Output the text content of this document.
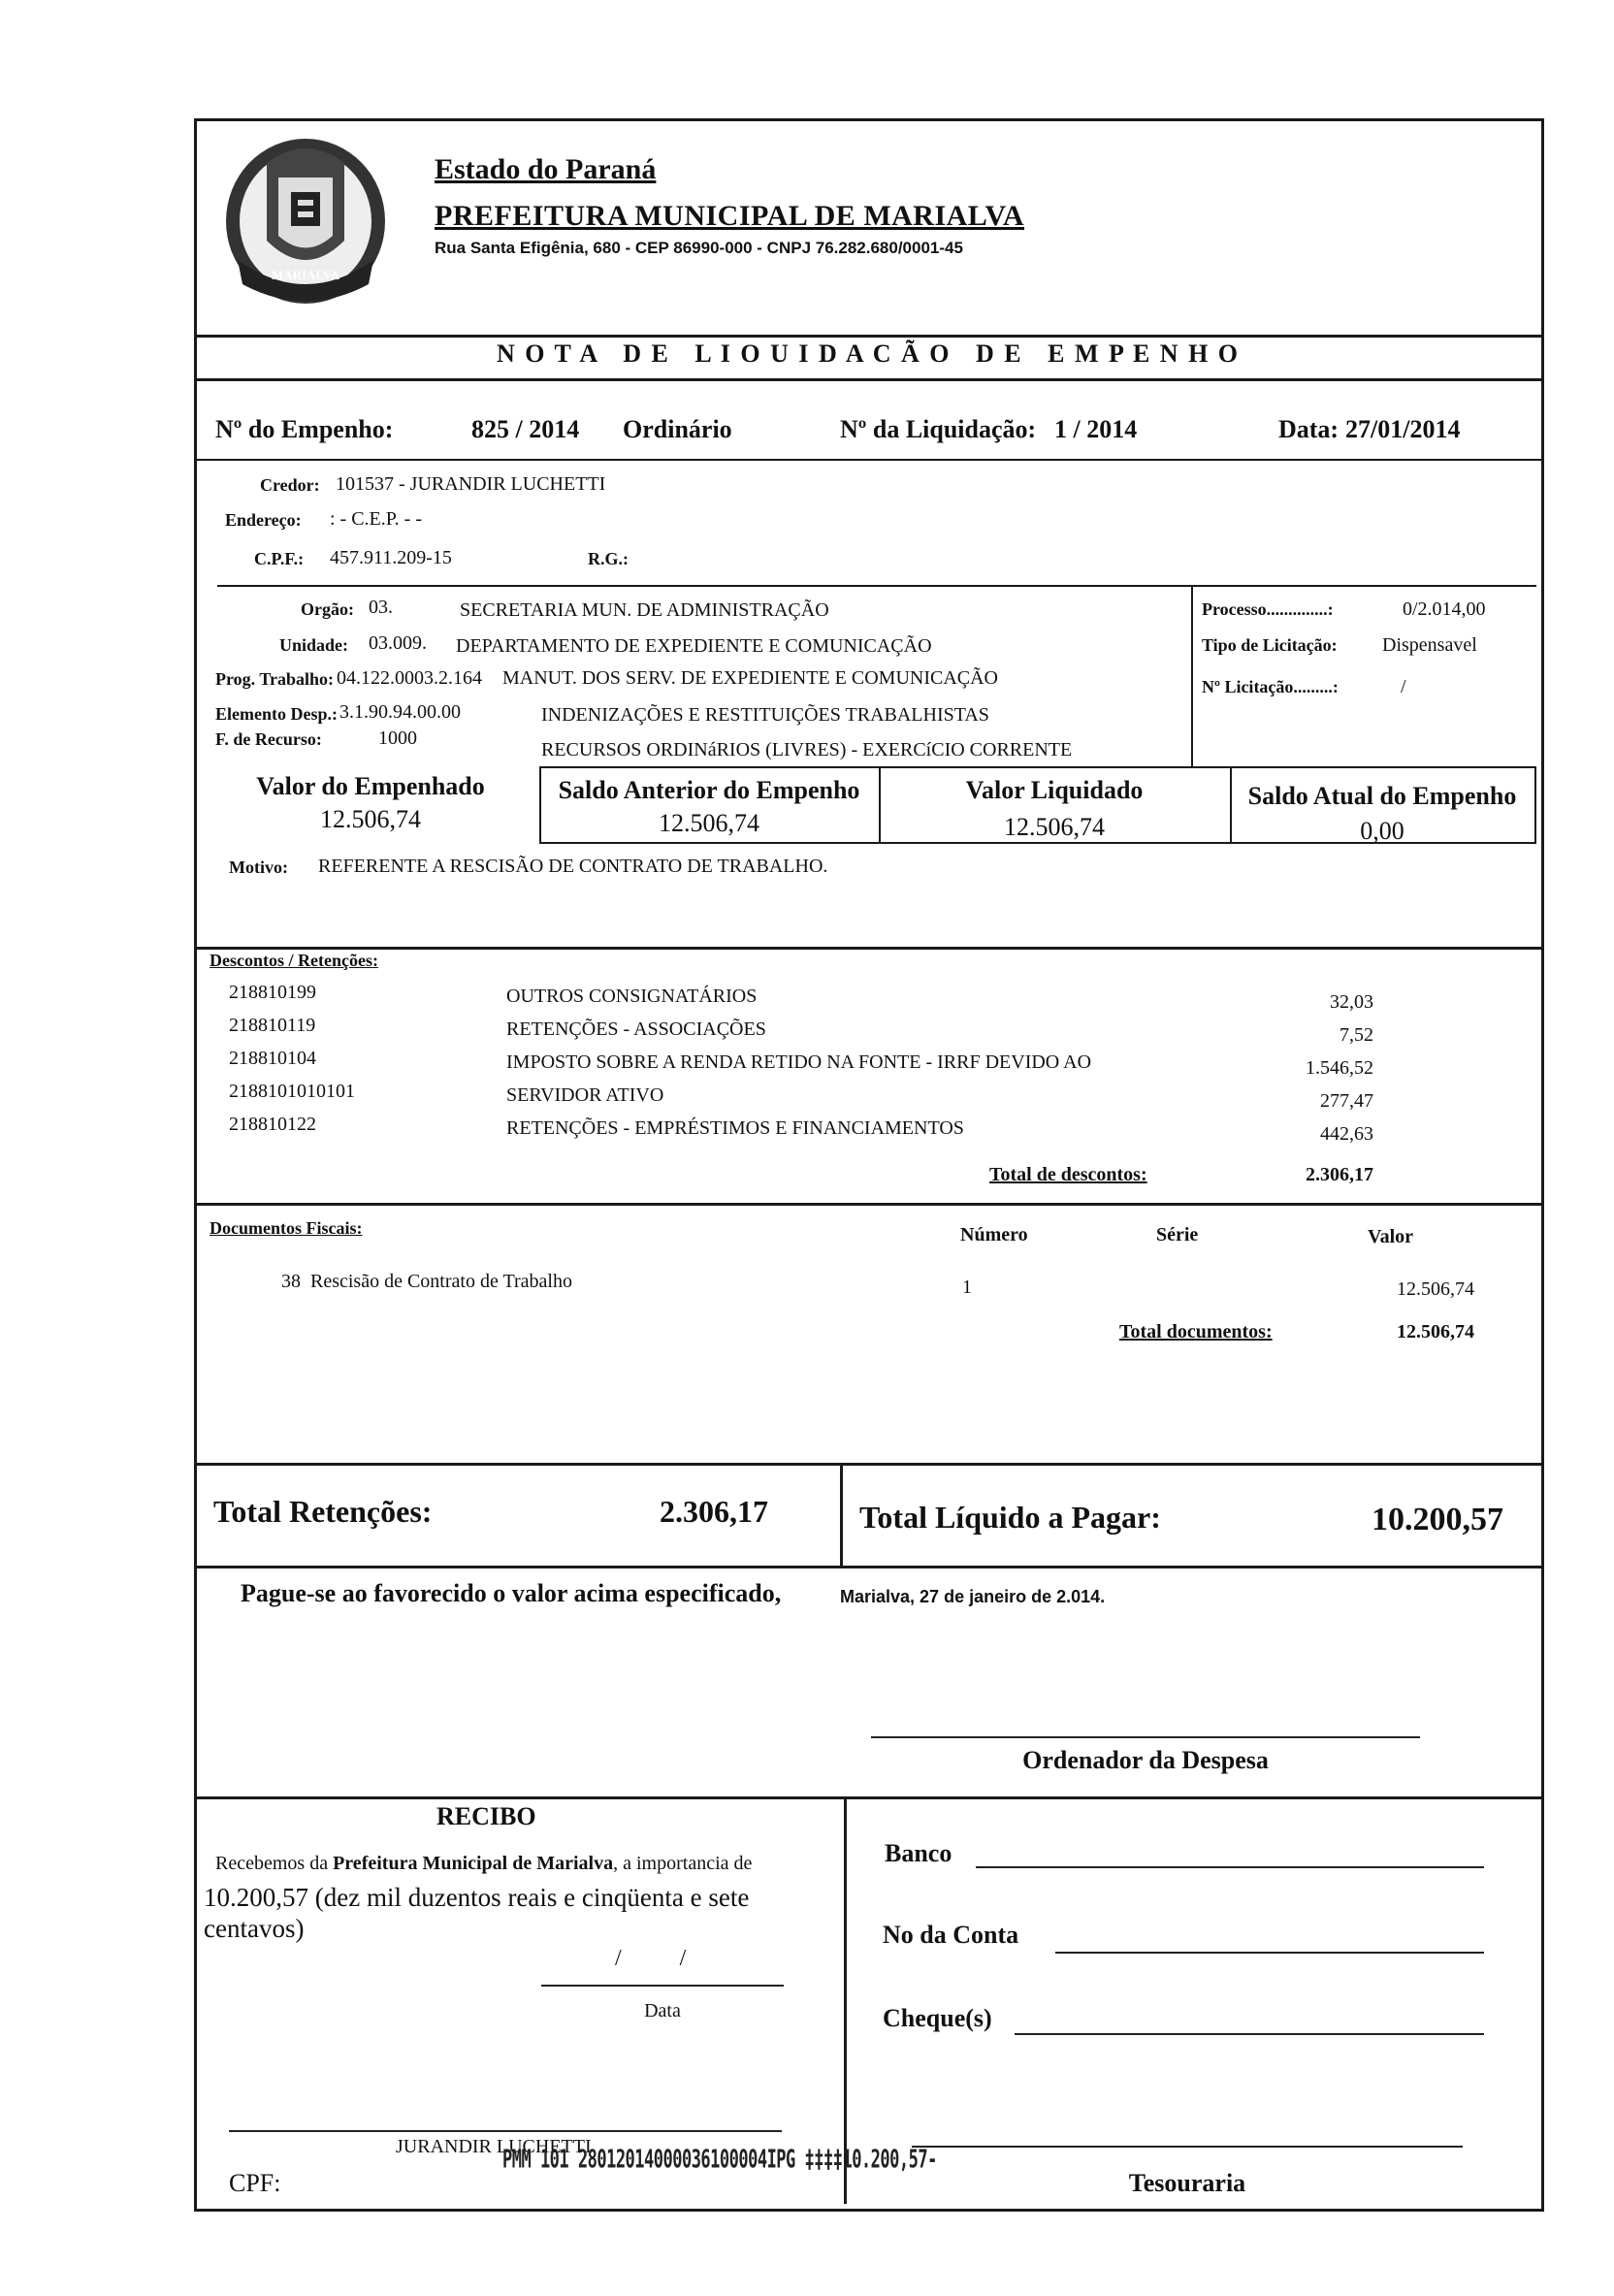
MARIALVA
Estado do Paraná
PREFEITURA MUNICIPAL DE MARIALVA
Rua Santa Efigênia, 680 - CEP 86990-000 - CNPJ 76.282.680/0001-45
N O T A   D E   L I O U I D A C Ã O   D E   E M P E N H O
Nº do Empenho:	825 / 2014 Ordinário	Nº da Liquidação: 1 / 2014	Data: 27/01/2014
Credor: 101537 - JURANDIR LUCHETTI
Endereço: : - C.E.P. - -
C.P.F.: 457.911.209-15	R.G.:
Orgão: 03.	SECRETARIA MUN. DE ADMINISTRAÇÃO
Unidade: 03.009. DEPARTAMENTO DE EXPEDIENTE E COMUNICAÇÃO
Prog. Trabalho: 04.122.0003.2.164 MANUT. DOS SERV. DE EXPEDIENTE E COMUNICAÇÃO
Elemento Desp.: 3.1.90.94.00.00	INDENIZAÇÕES E RESTITUIÇÕES TRABALHISTAS
F. de Recurso:	1000
RECURSOS ORDINáRIOS (LIVRES) - EXERCíCIO CORRENTE
Processo..............:	0/2.014,00
Tipo de Licitação: Dispensavel
Nº Licitação.........:	/
Valor do Empenhado
12.506,74
Saldo Anterior do Empenho
12.506,74
Valor Liquidado
12.506,74
Saldo Atual do Empenho
0,00
Motivo: REFERENTE A RESCISÃO DE CONTRATO DE TRABALHO.
Descontos / Retenções:
218810199	OUTROS CONSIGNATÁRIOS	32,03
218810119	RETENÇÕES - ASSOCIAÇÕES	7,52
218810104	IMPOSTO SOBRE A RENDA RETIDO NA FONTE - IRRF DEVIDO AO	1.546,52
2188101010101	SERVIDOR ATIVO	277,47
218810122	RETENÇÕES - EMPRÉSTIMOS E FINANCIAMENTOS	442,63
Total de descontos:	2.306,17
Documentos Fiscais:	Número	Série	Valor
38  Rescisão de Contrato de Trabalho	1	12.506,74
Total documentos:	12.506,74
Total Retenções:	2.306,17	Total Líquido a Pagar:	10.200,57
Pague-se ao favorecido o valor acima especificado,	Marialva, 27 de janeiro de 2.014.
Ordenador da Despesa
RECIBO
Recebemos da Prefeitura Municipal de Marialva, a importancia de
10.200,57 (dez mil duzentos reais e cinqüenta e sete centavos)
/          /
Data
JURANDIR LUCHETTI
CPF:
Banco
No da Conta
Cheque(s)
Tesouraria
PMM 101 28012014000036100004IPG ‡‡‡‡10.200,57-
